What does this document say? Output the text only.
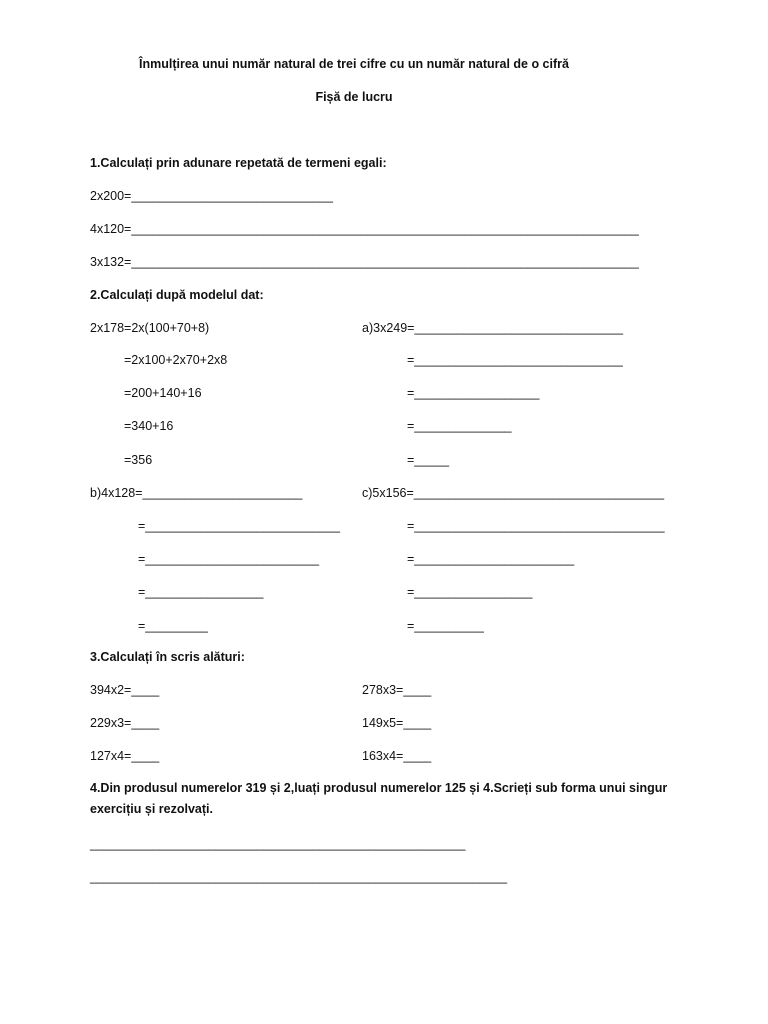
Înmulțirea unui număr natural de trei cifre cu un număr natural de o cifră
Fișă de lucru
1.Calculați prin adunare repetată de termeni egali:
2x200=_____________________________
4x120=_________________________________________________________________________
3x132=_________________________________________________________________________
2.Calculați după modelul dat:
2x178=2x(100+70+8)
=2x100+2x70+2x8
=200+140+16
=340+16
=356
a)3x249=______________________________
=______________________________
=__________________
=______________
=_____
b)4x128=_______________________
=____________________________
=_________________________
=_________________
=_________
c)5x156=____________________________________
=____________________________________
=_______________________
=_________________
=__________
3.Calculați în scris alături:
394x2=____
229x3=____
127x4=____
278x3=____
149x5=____
163x4=____
4.Din produsul numerelor 319 și 2,luați produsul numerelor 125 și 4.Scrieți sub forma unui singur
exercițiu și rezolvați.
______________________________________________________
____________________________________________________________
